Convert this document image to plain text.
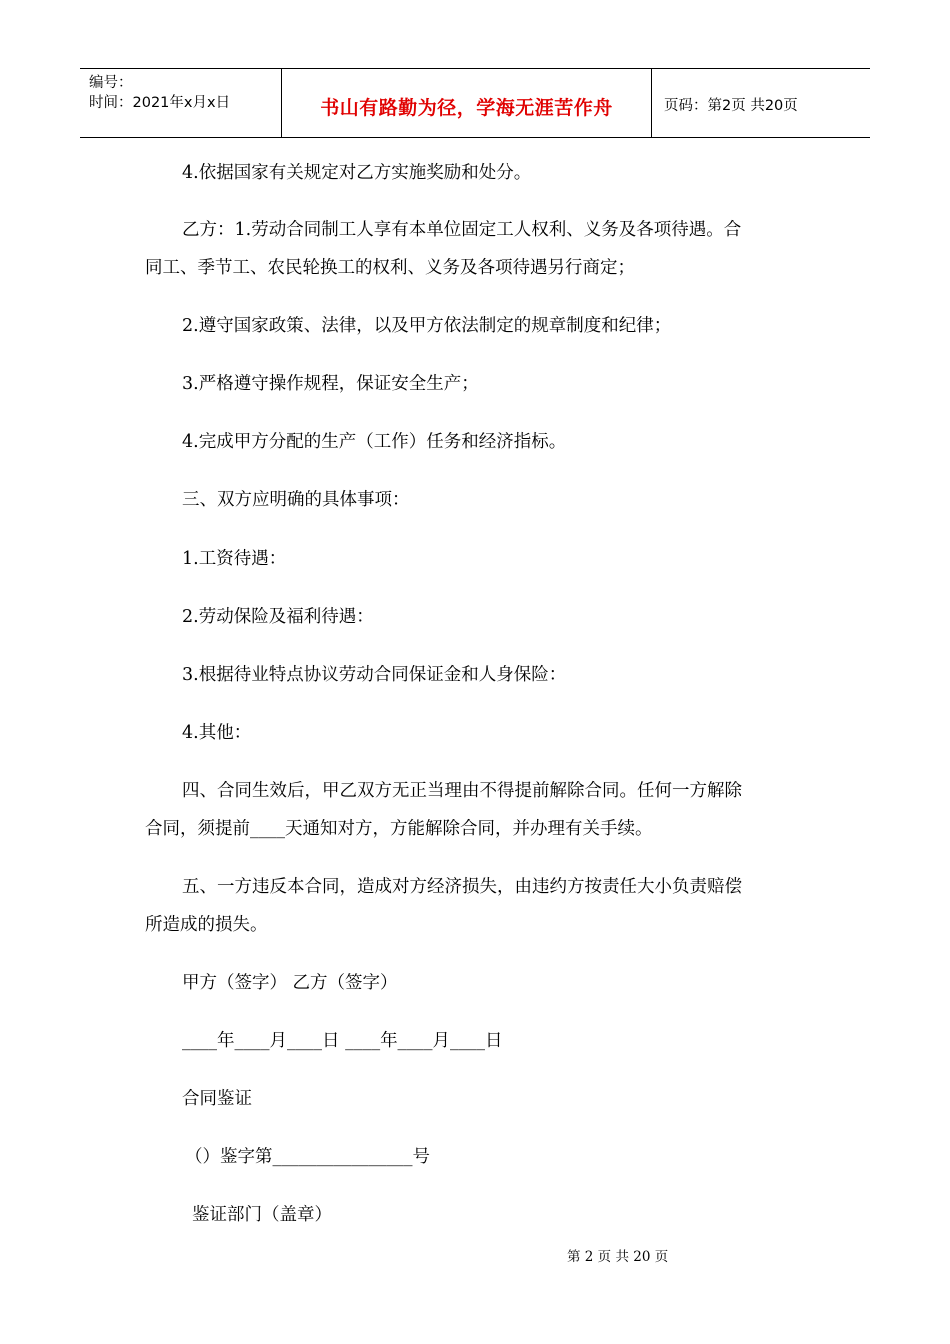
编号：
时间：2021年x月x日	书山有路勤为径，学海无涯苦作舟	页码：第2页 共20页
4.依据国家有关规定对乙方实施奖励和处分。
乙方：1.劳动合同制工人享有本单位固定工人权利、义务及各项待遇。合
同工、季节工、农民轮换工的权利、义务及各项待遇另行商定；
2.遵守国家政策、法律，以及甲方依法制定的规章制度和纪律；
3.严格遵守操作规程，保证安全生产；
4.完成甲方分配的生产（工作）任务和经济指标。
三、双方应明确的具体事项：
1.工资待遇：
2.劳动保险及福利待遇：
3.根据待业特点协议劳动合同保证金和人身保险：
4.其他：
四、合同生效后，甲乙双方无正当理由不得提前解除合同。任何一方解除
合同，须提前____天通知对方，方能解除合同，并办理有关手续。
五、一方违反本合同，造成对方经济损失，由违约方按责任大小负责赔偿
所造成的损失。
甲方（签字） 乙方（签字）
____年____月____日 ____年____月____日
合同鉴证
（）鉴字第________________号
鉴证部门（盖章）
第 2 页 共 20 页
